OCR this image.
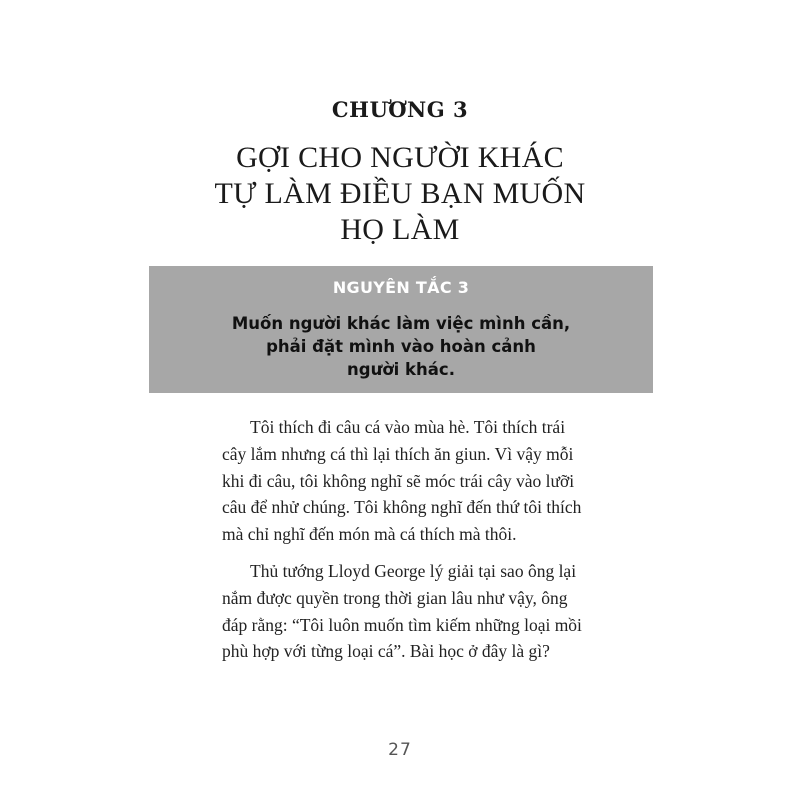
CHƯƠNG 3
GỢI CHO NGƯỜI KHÁC
TỰ LÀM ĐIỀU BẠN MUỐN
HỌ LÀM
NGUYÊN TẮC 3
Muốn người khác làm việc mình cần,
phải đặt mình vào hoàn cảnh
người khác.
Tôi thích đi câu cá vào mùa hè. Tôi thích trái
cây lắm nhưng cá thì lại thích ăn giun. Vì vậy mỗi
khi đi câu, tôi không nghĩ sẽ móc trái cây vào lưỡi
câu để nhử chúng. Tôi không nghĩ đến thứ tôi thích
mà chỉ nghĩ đến món mà cá thích mà thôi.
Thủ tướng Lloyd George lý giải tại sao ông lại
nắm được quyền trong thời gian lâu như vậy, ông
đáp rằng: “Tôi luôn muốn tìm kiếm những loại mồi
phù hợp với từng loại cá”. Bài học ở đây là gì?
27
